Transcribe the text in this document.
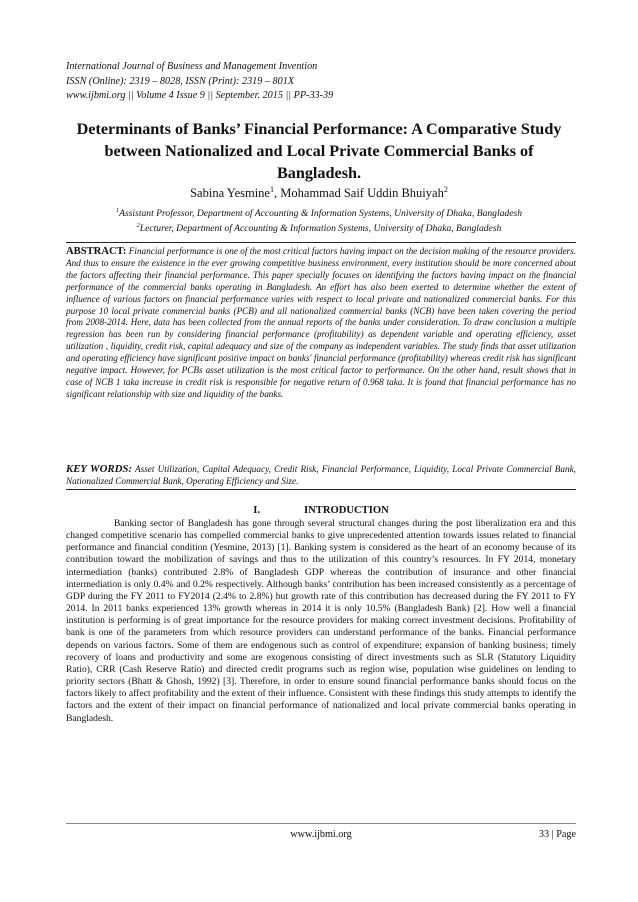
International Journal of Business and Management Invention
ISSN (Online): 2319 – 8028, ISSN (Print): 2319 – 801X
www.ijbmi.org || Volume 4 Issue 9 || September. 2015 || PP-33-39
Determinants of Banks’ Financial Performance: A Comparative Study between Nationalized and Local Private Commercial Banks of Bangladesh.
Sabina Yesmine$^1$, Mohammad Saif Uddin Bhuiyah$^2$
$^1$Assistant Professor, Department of Accounting & Information Systems, University of Dhaka, Bangladesh
$^2$Lecturer, Department of Accounting & Information Systems, University of Dhaka, Bangladesh
ABSTRACT: Financial performance is one of the most critical factors having impact on the decision making of the resource providers. And thus to ensure the existence in the ever growing competitive business environment, every institution should be more concerned about the factors affecting their financial performance. This paper specially focuses on identifying the factors having impact on the financial performance of the commercial banks operating in Bangladesh. An effort has also been exerted to determine whether the extent of influence of various factors on financial performance varies with respect to local private and nationalized commercial banks. For this purpose 10 local private commercial banks (PCB) and all nationalized commercial banks (NCB) have been taken covering the period from 2008-2014. Here, data has been collected from the annual reports of the banks under consideration. To draw conclusion a multiple regression has been run by considering financial performance (profitability) as dependent variable and operating efficiency, asset utilization , liquidity, credit risk, capital adequacy and size of the company as independent variables. The study finds that asset utilization and operating efficiency have significant positive impact on banks' financial performance (profitability) whereas credit risk has significant negative impact. However, for PCBs asset utilization is the most critical factor to performance. On the other hand, result shows that in case of NCB 1 taka increase in credit risk is responsible for negative return of 0.968 taka. It is found that financial performance has no significant relationship with size and liquidity of the banks.
KEY WORDS: Asset Utilization, Capital Adequacy, Credit Risk, Financial Performance, Liquidity, Local Private Commercial Bank, Nationalized Commercial Bank, Operating Efficiency and Size.
I.	INTRODUCTION
Banking sector of Bangladesh has gone through several structural changes during the post liberalization era and this changed competitive scenario has compelled commercial banks to give unprecedented attention towards issues related to financial performance and financial condition (Yesmine, 2013) [1]. Banking system is considered as the heart of an economy because of its contribution toward the mobilization of savings and thus to the utilization of this country’s resources. In FY 2014, monetary intermediation (banks) contributed 2.8% of Bangladesh GDP whereas the contribution of insurance and other financial intermediation is only 0.4% and 0.2% respectively. Although banks’ contribution has been increased consistently as a percentage of GDP during the FY 2011 to FY2014 (2.4% to 2.8%) but growth rate of this contribution has decreased during the FY 2011 to FY 2014. In 2011 banks experienced 13% growth whereas in 2014 it is only 10.5% (Bangladesh Bank) [2]. How well a financial institution is performing is of great importance for the resource providers for making correct investment decisions. Profitability of bank is one of the parameters from which resource providers can understand performance of the banks. Financial performance depends on various factors. Some of them are endogenous such as control of expenditure; expansion of banking business; timely recovery of loans and productivity and some are exogenous consisting of direct investments such as SLR (Statutory Liquidity Ratio), CRR (Cash Reserve Ratio) and directed credit programs such as region wise, population wise guidelines on lending to priority sectors (Bhatt & Ghosh, 1992) [3]. Therefore, in order to ensure sound financial performance banks should focus on the factors likely to affect profitability and the extent of their influence. Consistent with these findings this study attempts to identify the factors and the extent of their impact on financial performance of nationalized and local private commercial banks operating in Bangladesh.
www.ijbmi.org	33 | Page
